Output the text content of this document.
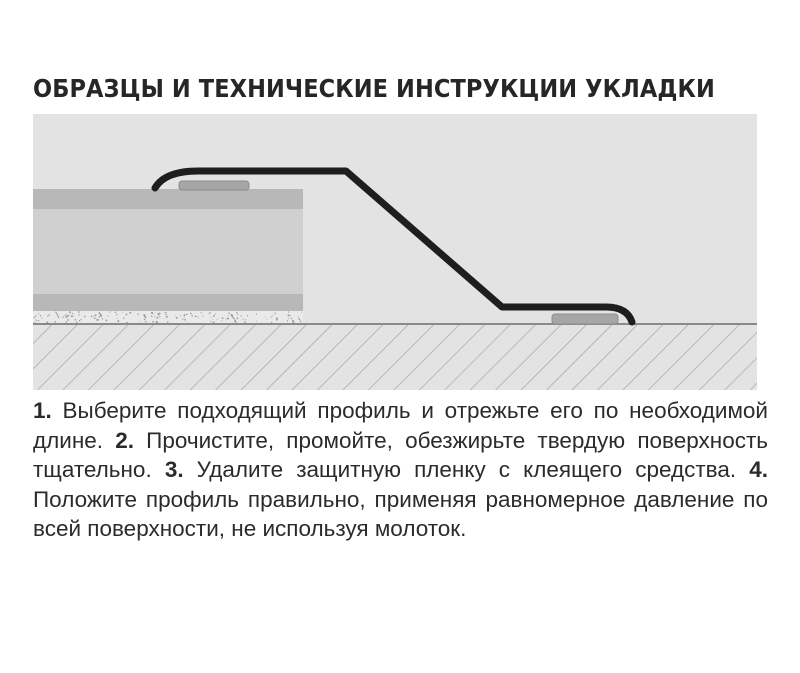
ОБРАЗЦЫ И ТЕХНИЧЕСКИЕ ИНСТРУКЦИИ УКЛАДКИ
1. Выберите подходящий профиль и отрежьте его по необходимой длине. 2. Прочистите, промойте, обезжирьте твердую поверхность тщательно. 3. Удалите защитную пленку с клеящего средства. 4. Положите профиль правильно, применяя равномерное давление по всей поверхности, не используя молоток.
